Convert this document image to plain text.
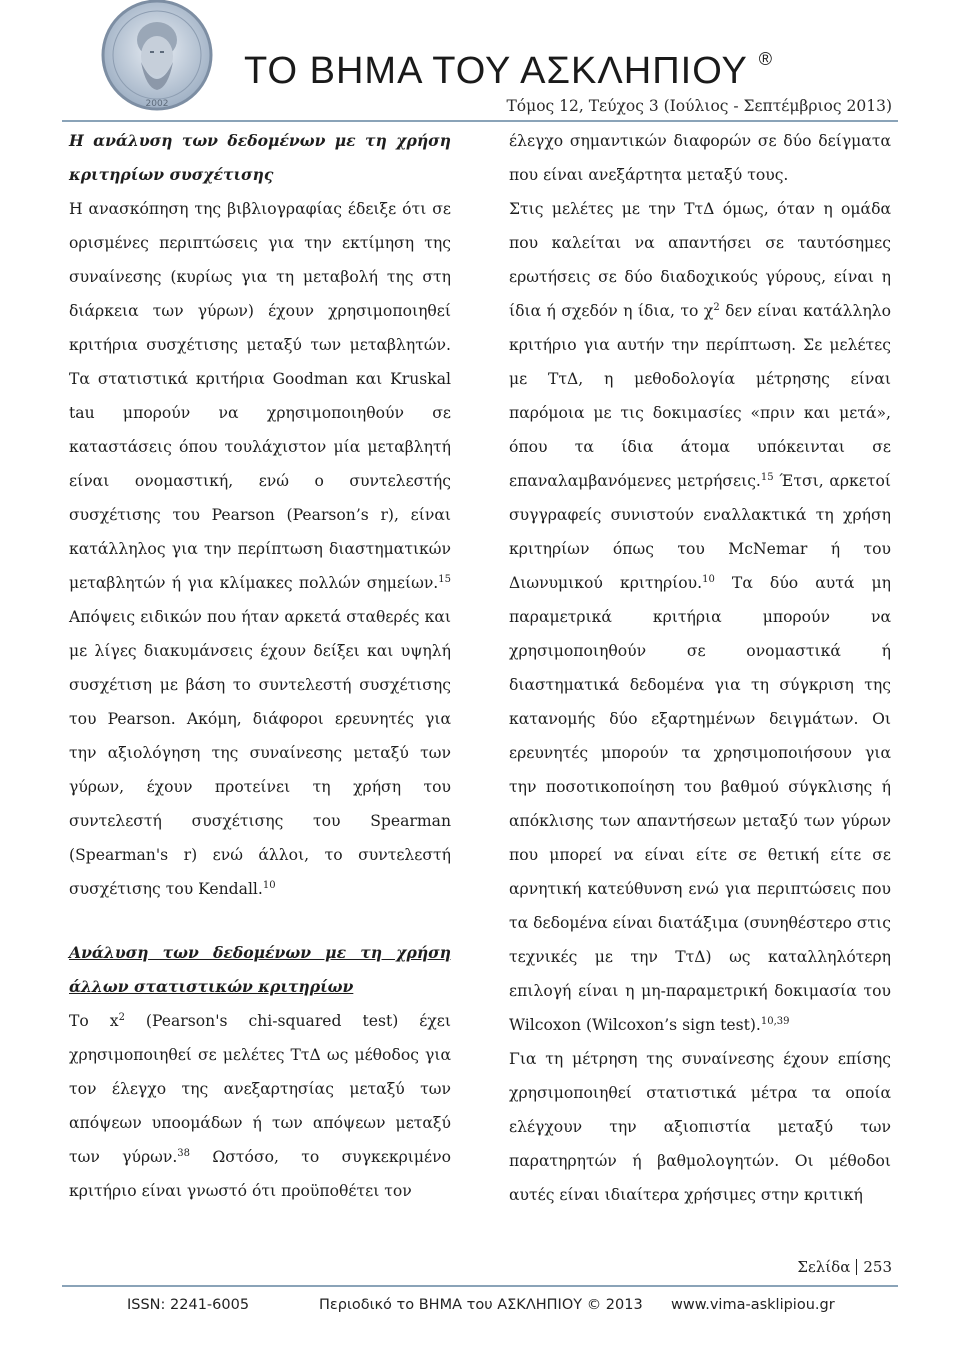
2002
ΤΟ ΒΗΜΑ ΤΟΥ ΑΣΚΛΗΠΙΟΥ ®
Τόμος 12, Τεύχος 3 (Ιούλιος - Σεπτέμβριος 2013)
Η ανάλυση των δεδομένων με τη χρήση κριτηρίων συσχέτισης

Η ανασκόπηση της βιβλιογραφίας έδειξε ότι σε ορισμένες περιπτώσεις για την εκτίμηση της συναίνεσης (κυρίως για τη μεταβολή της στη διάρκεια των γύρων) έχουν χρησιμοποιηθεί κριτήρια συσχέτισης μεταξύ των μεταβλητών. Τα στατιστικά κριτήρια Goodman και Kruskal tau μπορούν να χρησιμοποιηθούν σε καταστάσεις όπου τουλάχιστον μία μεταβλητή είναι ονομαστική, ενώ ο συντελεστής συσχέτισης του Pearson (Pearson’s r), είναι κατάλληλος για την περίπτωση διαστηματικών μεταβλητών ή για κλίμακες πολλών σημείων.$^{15}$ Απόψεις ειδικών που ήταν αρκετά σταθερές και με λίγες διακυμάνσεις έχουν δείξει και υψηλή συσχέτιση με βάση το συντελεστή συσχέτισης του Pearson. Ακόμη, διάφοροι ερευνητές για την αξιολόγηση της συναίνεσης μεταξύ των γύρων, έχουν προτείνει τη χρήση του συντελεστή συσχέτισης του Spearman (Spearman's r) ενώ άλλοι, το συντελεστή συσχέτισης του Kendall.$^{10}$

Ανάλυση των δεδομένων με τη χρήση άλλων στατιστικών κριτηρίων

Το $x^2$ (Pearson's chi-squared test) έχει χρησιμοποιηθεί σε μελέτες ΤτΔ ως μέθοδος για τον έλεγχο της ανεξαρτησίας μεταξύ των απόψεων υποομάδων ή των απόψεων μεταξύ των γύρων.$^{38}$ Ωστόσο, το συγκεκριμένο κριτήριο είναι γνωστό ότι προϋποθέτει τον

έλεγχο σημαντικών διαφορών σε δύο δείγματα που είναι ανεξάρτητα μεταξύ τους.

Στις μελέτες με την ΤτΔ όμως, όταν η ομάδα που καλείται να απαντήσει σε ταυτόσημες ερωτήσεις σε δύο διαδοχικούς γύρους, είναι η ίδια ή σχεδόν η ίδια, το $\chi^2$ δεν είναι κατάλληλο κριτήριο για αυτήν την περίπτωση. Σε μελέτες με ΤτΔ, η μεθοδολογία μέτρησης είναι παρόμοια με τις δοκιμασίες «πριν και μετά», όπου τα ίδια άτομα υπόκεινται σε επαναλαμβανόμενες μετρήσεις.$^{15}$ Έτσι, αρκετοί συγγραφείς συνιστούν εναλλακτικά τη χρήση κριτηρίων όπως του McNemar ή του Διωνυμικού κριτηρίου.$^{10}$ Τα δύο αυτά μη παραμετρικά κριτήρια μπορούν να χρησιμοποιηθούν σε ονομαστικά ή διαστηματικά δεδομένα για τη σύγκριση της κατανομής δύο εξαρτημένων δειγμάτων. Οι ερευνητές μπορούν τα χρησιμοποιήσουν για την ποσοτικοποίηση του βαθμού σύγκλισης ή απόκλισης των απαντήσεων μεταξύ των γύρων που μπορεί να είναι είτε σε θετική είτε σε αρνητική κατεύθυνση ενώ για περιπτώσεις που τα δεδομένα είναι διατάξιμα (συνηθέστερο στις τεχνικές με την ΤτΔ) ως καταλληλότερη επιλογή είναι η μη-παραμετρική δοκιμασία του Wilcoxon (Wilcoxon’s sign test).$^{10,39}$

Για τη μέτρηση της συναίνεσης έχουν επίσης χρησιμοποιηθεί στατιστικά μέτρα τα οποία ελέγχουν την αξιοπιστία μεταξύ των παρατηρητών ή βαθμολογητών. Οι μέθοδοι αυτές είναι ιδιαίτερα χρήσιμες στην κριτική

Σελίδα 253
ISSN: 2241-6005	Περιοδικό το ΒΗΜΑ του ΑΣΚΛΗΠΙΟΥ © 2013 www.vima-asklipiou.gr
